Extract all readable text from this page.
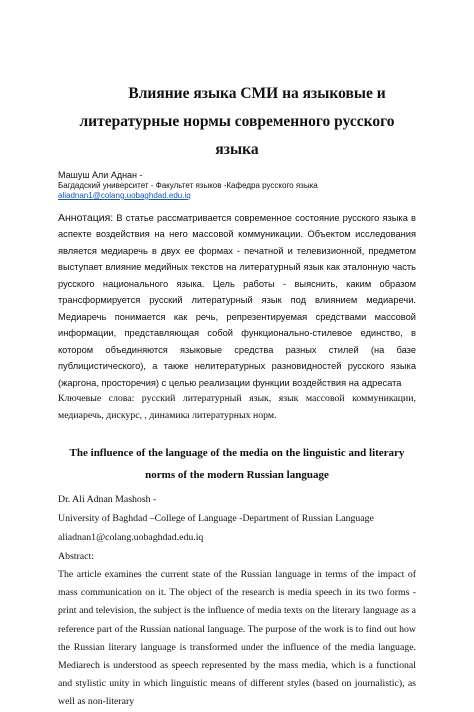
Влияние языка СМИ на языковые и
литературные нормы современного русского языка
Машуш Али Аднан -
Багдадский университет - Факультет языков -Кафедра русского языка
aliadnan1@colang.uobaghdad.edu.iq

Аннотация: В статье рассматривается современное состояние русского языка в аспекте воздействия на него массовой коммуникации. Объектом исследования является медиаречь в двух ее формах - печатной и телевизионной, предметом выступает влияние медийных текстов на литературный язык как эталонную часть русского национального языка. Цель работы - выяснить, каким образом трансформируется русский литературный язык под влиянием медиаречи. Медиаречь понимается как речь, репрезентируемая средствами массовой информации, представляющая собой функционально-стилевое единство, в котором объединяются языковые средства разных стилей (на базе публицистического), а также нелитературных разновидностей русского языка (жаргона, просторечия) с целью реализации функции воздействия на адресата

Ключевые слова: русский литературный язык, язык массовой коммуникации, медиаречь, дискурс, , динамика литературных норм.

The influence of the language of the media on the linguistic and literary
norms of the modern Russian language
Dr. Ali Adnan Mashosh -
University of Baghdad –College of Language -Department of Russian Language
aliadnan1@colang.uobaghdad.edu.iq
Abstract:

The article examines the current state of the Russian language in terms of the impact of mass communication on it. The object of the research is media speech in its two forms - print and television, the subject is the influence of media texts on the literary language as a reference part of the Russian national language. The purpose of the work is to find out how the Russian literary language is transformed under the influence of the media language. Mediarech is understood as speech represented by the mass media, which is a functional and stylistic unity in which linguistic means of different styles (based on journalistic), as well as non-literary
